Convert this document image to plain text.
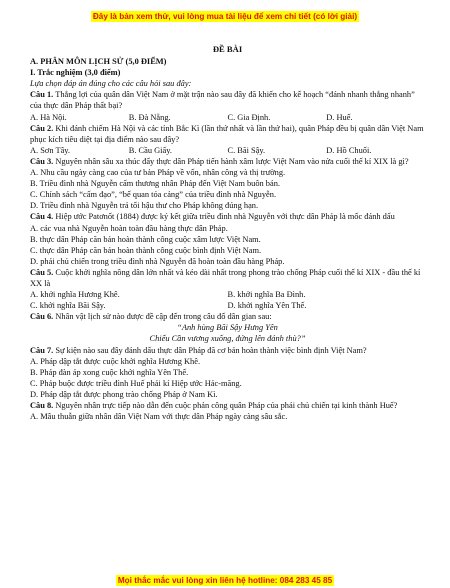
Đây là bản xem thử, vui lòng mua tài liệu để xem chi tiết (có lời giải)
ĐỀ BÀI
A. PHÂN MÔN LỊCH SỬ (5,0 ĐIỂM)
I. Trắc nghiệm (3,0 điểm)
Lựa chọn đáp án đúng cho các câu hỏi sau đây:
Câu 1. Thắng lợi của quân dân Việt Nam ở mặt trận nào sau đây đã khiến cho kế hoạch “đánh nhanh thắng nhanh” của thực dân Pháp thất bại?
A. Hà Nội.	B. Đà Nẵng.	C. Gia Định.	D. Huế.
Câu 2. Khi đánh chiếm Hà Nội và các tỉnh Bắc Kì (lần thứ nhất và lần thứ hai), quân Pháp đều bị quân dân Việt Nam phục kích tiêu diệt tại địa điểm nào sau đây?
A. Sơn Tây.	B. Cầu Giấy.	C. Bãi Sậy.	D. Hồ Chuối.
Câu 3. Nguyên nhân sâu xa thúc đẩy thực dân Pháp tiến hành xâm lược Việt Nam vào nửa cuối thế kỉ XIX là gì?
A. Nhu cầu ngày càng cao của tư bản Pháp về vốn, nhân công và thị trường.
B. Triều đình nhà Nguyễn cấm thương nhân Pháp đến Việt Nam buôn bán.
C. Chính sách “cấm đạo”, “bế quan tỏa cảng” của triều đình nhà Nguyễn.
D. Triều đình nhà Nguyễn trả tối hậu thư cho Pháp không đúng hạn.
Câu 4. Hiệp ước Patơnốt (1884) được ký kết giữa triều đình nhà Nguyễn với thực dân Pháp là mốc đánh dấu
A. các vua nhà Nguyễn hoàn toàn đầu hàng thực dân Pháp.
B. thực dân Pháp căn bản hoàn thành công cuộc xâm lược Việt Nam.
C. thực dân Pháp căn bản hoàn thành công cuộc bình định Việt Nam.
D. phái chủ chiến trong triều đình nhà Nguyễn đã hoàn toàn đầu hàng Pháp.
Câu 5. Cuộc khởi nghĩa nông dân lớn nhất và kéo dài nhất trong phong trào chống Pháp cuối thế kỉ XIX - đầu thế kỉ XX là
A. khởi nghĩa Hương Khê.	B. khởi nghĩa Ba Đình.
C. khởi nghĩa Bãi Sậy.	D. khởi nghĩa Yên Thế.
Câu 6. Nhân vật lịch sử nào được đề cập đến trong câu đố dân gian sau:
“Anh hùng Bãi Sậy Hưng Yên
Chiếu Cần vương xuống, đứng lên đánh thù?”
Câu 7. Sự kiện nào sau đây đánh dấu thực dân Pháp đã cơ bản hoàn thành việc bình định Việt Nam?
A. Pháp dập tắt được cuộc khởi nghĩa Hương Khê.
B. Pháp đàn áp xong cuộc khởi nghĩa Yên Thế.
C. Pháp buộc được triều đình Huế phải kí Hiệp ước Hác-măng.
D. Pháp dập tắt được phong trào chống Pháp ở Nam Kì.
Câu 8. Nguyên nhân trực tiếp nào dẫn đến cuộc phản công quân Pháp của phái chủ chiến tại kinh thành Huế?
A. Mâu thuẫn giữa nhân dân Việt Nam với thực dân Pháp ngày càng sâu sắc.
Mọi thắc mắc vui lòng xin liên hệ hotline: 084 283 45 85
